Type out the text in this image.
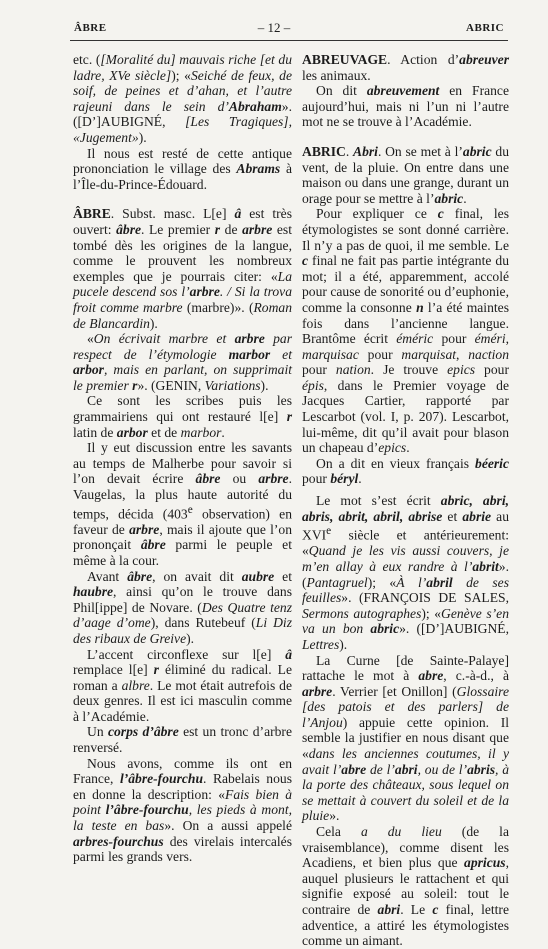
ÂBRE	– 12 –	ABRIC

etc. ([Moralité du] mauvais riche [et du ladre, XVe siècle]); «Seiché de feux, de soif, de peines et d’ahan, et l’autre rajeuni dans le sein d’Abraham». ([D’]AUBIGNÉ, [Les Tragiques], «Jugement»).

Il nous est resté de cette antique prononciation le village des Abrams à l’Île-du-Prince-Édouard.

ÂBRE. Subst. masc. L[e] â est très ouvert: âbre. Le premier r de arbre est tombé dès les origines de la langue, comme le prouvent les nombreux exemples que je pourrais citer: «La pucele descend sos l’arbre. / Si la trova froit comme marbre (marbre)». (Roman de Blancardin).

«On écrivait marbre et arbre par respect de l’étymologie marbor et arbor, mais en parlant, on supprimait le premier r». (GENIN, Variations).

Ce sont les scribes puis les grammairiens qui ont restauré l[e] r latin de arbor et de marbor.

Il y eut discussion entre les savants au temps de Malherbe pour savoir si l’on devait écrire âbre ou arbre. Vaugelas, la plus haute autorité du temps, décida (403e observation) en faveur de arbre, mais il ajoute que l’on prononçait âbre parmi le peuple et même à la cour.

Avant âbre, on avait dit aubre et haubre, ainsi qu’on le trouve dans Phil[ippe] de Novare. (Des Quatre tenz d’aage d’ome), dans Rutebeuf (Li Diz des ribaux de Greive).

L’accent circonflexe sur l[e] â remplace l[e] r éliminé du radical. Le roman a albre. Le mot était autrefois de deux genres. Il est ici masculin comme à l’Académie.

Un corps d’âbre est un tronc d’arbre renversé.

Nous avons, comme ils ont en France, l’âbre-fourchu. Rabelais nous en donne la description: «Fais bien à point l’âbre-fourchu, les pieds à mont, la teste en bas». On a aussi appelé arbres-fourchus des virelais intercalés parmi les grands vers.

ABREUVAGE. Action d’abreuver les animaux.

On dit abreuvement en France aujourd’hui, mais ni l’un ni l’autre mot ne se trouve à l’Académie.

ABRIC. Abri. On se met à l’abric du vent, de la pluie. On entre dans une maison ou dans une grange, durant un orage pour se mettre à l’abric.

Pour expliquer ce c final, les étymologistes se sont donné carrière. Il n’y a pas de quoi, il me semble. Le c final ne fait pas partie intégrante du mot; il a été, apparemment, accolé pour cause de sonorité ou d’euphonie, comme la consonne n l’a été maintes fois dans l’ancienne langue. Brantôme écrit éméric pour éméri, marquisac pour marquisat, naction pour nation. Je trouve epics pour épis, dans le Premier voyage de Jacques Cartier, rapporté par Lescarbot (vol. I, p. 207). Lescarbot, lui-même, dit qu’il avait pour blason un chapeau d’epics.

On a dit en vieux français béeric pour béryl.

Le mot s’est écrit abric, abri, abris, abrit, abril, abrise et abrie au XVIe siècle et antérieurement: «Quand je les vis aussi couvers, je m’en allay à eux randre à l’abrit». (Pantagruel); «À l’abril de ses feuilles». (FRANÇOIS DE SALES, Sermons autographes); «Genève s’en va un bon abric». ([D’]AUBIGNÉ, Lettres).

La Curne [de Sainte-Palaye] rattache le mot à abre, c.-à-d., à arbre. Verrier [et Onillon] (Glossaire [des patois et des parlers] de l’Anjou) appuie cette opinion. Il semble la justifier en nous disant que «dans les anciennes coutumes, il y avait l’abre de l’abri, ou de l’abris, à la porte des châteaux, sous lequel on se mettait à couvert du soleil et de la pluie».

Cela a du lieu (de la vraisemblance), comme disent les Acadiens, et bien plus que apricus, auquel plusieurs le rattachent et qui signifie exposé au soleil: tout le contraire de abri. Le c final, lettre adventice, a attiré les étymologistes comme un aimant.
